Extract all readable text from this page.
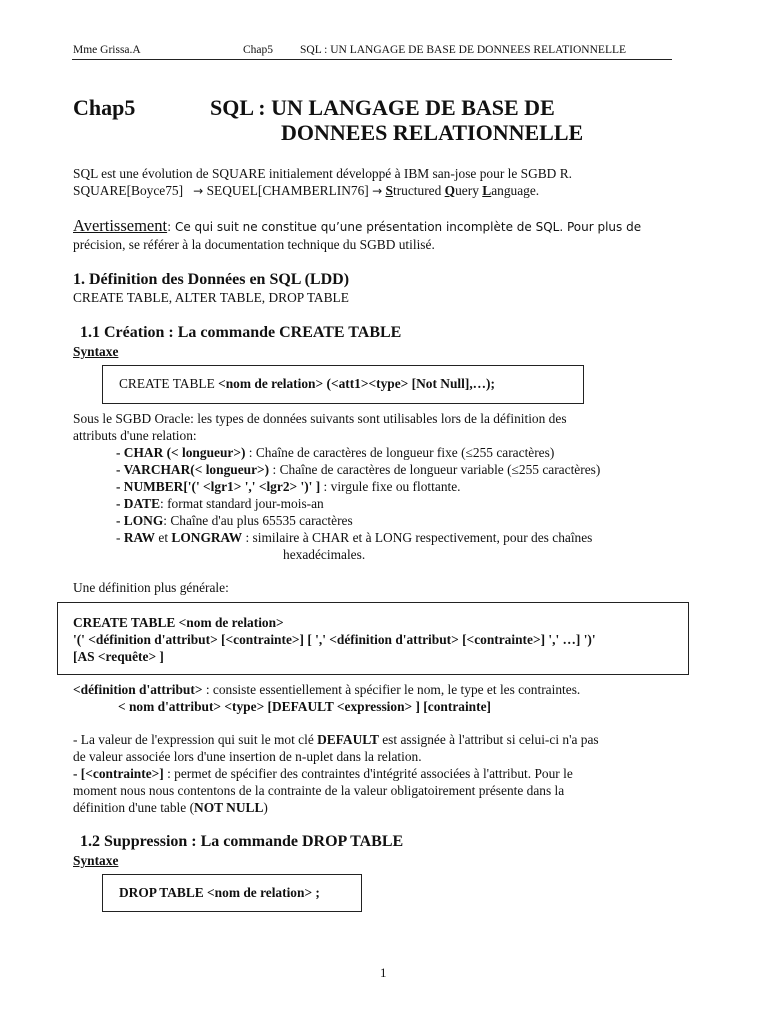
Mme Grissa.A	Chap5 SQL : UN LANGAGE DE BASE DE DONNEES RELATIONNELLE
Chap5	SQL : UN LANGAGE DE BASE DE
DONNEES RELATIONNELLE
SQL est une évolution de SQUARE initialement développé à IBM san-jose pour le SGBD R.
SQUARE[Boyce75] → SEQUEL[CHAMBERLIN76] → Structured Query Language.
Avertissement: Ce qui suit ne constitue qu’une présentation incomplète de SQL. Pour plus de
précision, se référer à la documentation technique du SGBD utilisé.
1. Définition des Données en SQL (LDD)
CREATE TABLE, ALTER TABLE, DROP TABLE
1.1 Création : La commande CREATE TABLE
Syntaxe
CREATE TABLE <nom de relation> (<att1><type> [Not Null],…);
Sous le SGBD Oracle: les types de données suivants sont utilisables lors de la définition des
attributs d'une relation:
- CHAR (< longueur>) : Chaîne de caractères de longueur fixe (≤255 caractères)
- VARCHAR(< longueur>) : Chaîne de caractères de longueur variable (≤255 caractères)
- NUMBER['(' <lgr1> ',' <lgr2> ')' ] : virgule fixe ou flottante.
- DATE: format standard jour-mois-an
- LONG: Chaîne d'au plus 65535 caractères
- RAW et LONGRAW : similaire à CHAR et à LONG respectivement, pour des chaînes
hexadécimales.
Une définition plus générale:
CREATE TABLE <nom de relation>
'(' <définition d'attribut> [<contrainte>] [ ',' <définition d'attribut> [<contrainte>] ',' …] ')'
[AS <requête> ]
<définition d'attribut> : consiste essentiellement à spécifier le nom, le type et les contraintes.
< nom d'attribut> <type> [DEFAULT <expression> ] [contrainte]
- La valeur de l'expression qui suit le mot clé DEFAULT est assignée à l'attribut si celui-ci n'a pas
de valeur associée lors d'une insertion de n-uplet dans la relation.
- [<contrainte>] : permet de spécifier des contraintes d'intégrité associées à l'attribut. Pour le
moment nous nous contentons de la contrainte de la valeur obligatoirement présente dans la
définition d'une table (NOT NULL)
1.2 Suppression : La commande DROP TABLE
Syntaxe
DROP TABLE <nom de relation> ;
1
